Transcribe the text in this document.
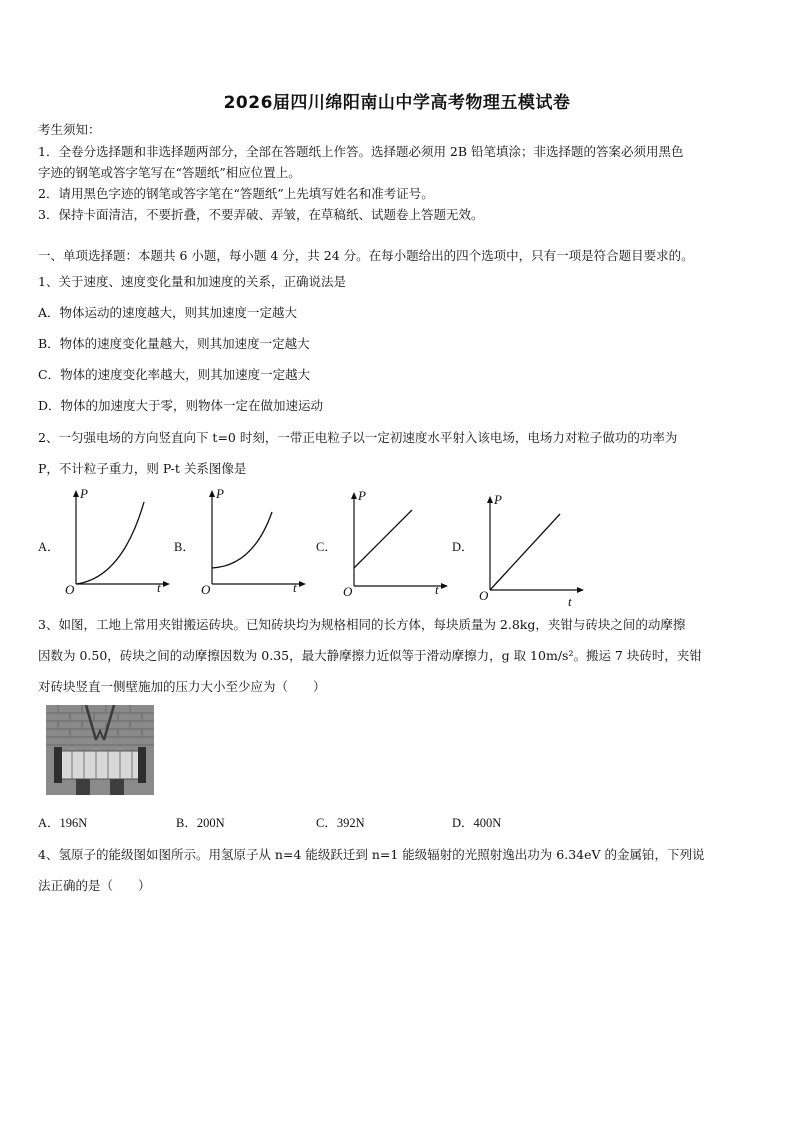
2026届四川绵阳南山中学高考物理五模试卷
考生须知：
1．全卷分选择题和非选择题两部分，全部在答题纸上作答。选择题必须用 2B 铅笔填涂；非选择题的答案必须用黑色
字迹的钢笔或答字笔写在“答题纸”相应位置上。
2．请用黑色字迹的钢笔或答字笔在“答题纸”上先填写姓名和准考证号。
3．保持卡面清洁，不要折叠，不要弄破、弄皱，在草稿纸、试题卷上答题无效。
一、单项选择题：本题共 6 小题，每小题 4 分，共 24 分。在每小题给出的四个选项中，只有一项是符合题目要求的。
1、关于速度、速度变化量和加速度的关系，正确说法是
A．物体运动的速度越大，则其加速度一定越大
B．物体的速度变化量越大，则其加速度一定越大
C．物体的速度变化率越大，则其加速度一定越大
D．物体的加速度大于零，则物体一定在做加速运动
2、一匀强电场的方向竖直向下 t=0 时刻，一带正电粒子以一定初速度水平射入该电场，电场力对粒子做功的功率为
P，不计粒子重力，则 P-t 关系图像是
A．
P
O	t
B．
P
O	t
C．
P
O	t
D．
P
O	t
3、如图，工地上常用夹钳搬运砖块。已知砖块均为规格相同的长方体，每块质量为 2.8kg，夹钳与砖块之间的动摩擦
因数为 0.50，砖块之间的动摩擦因数为 0.35，最大静摩擦力近似等于滑动摩擦力，g 取 10m/s²。搬运 7 块砖时，夹钳
对砖块竖直一侧壁施加的压力大小至少应为（　　）
A．196N	B．200N	C．392N	D．400N
4、氢原子的能级图如图所示。用氢原子从 n=4 能级跃迁到 n=1 能级辐射的光照射逸出功为 6.34eV 的金属铂，下列说
法正确的是（　　）
